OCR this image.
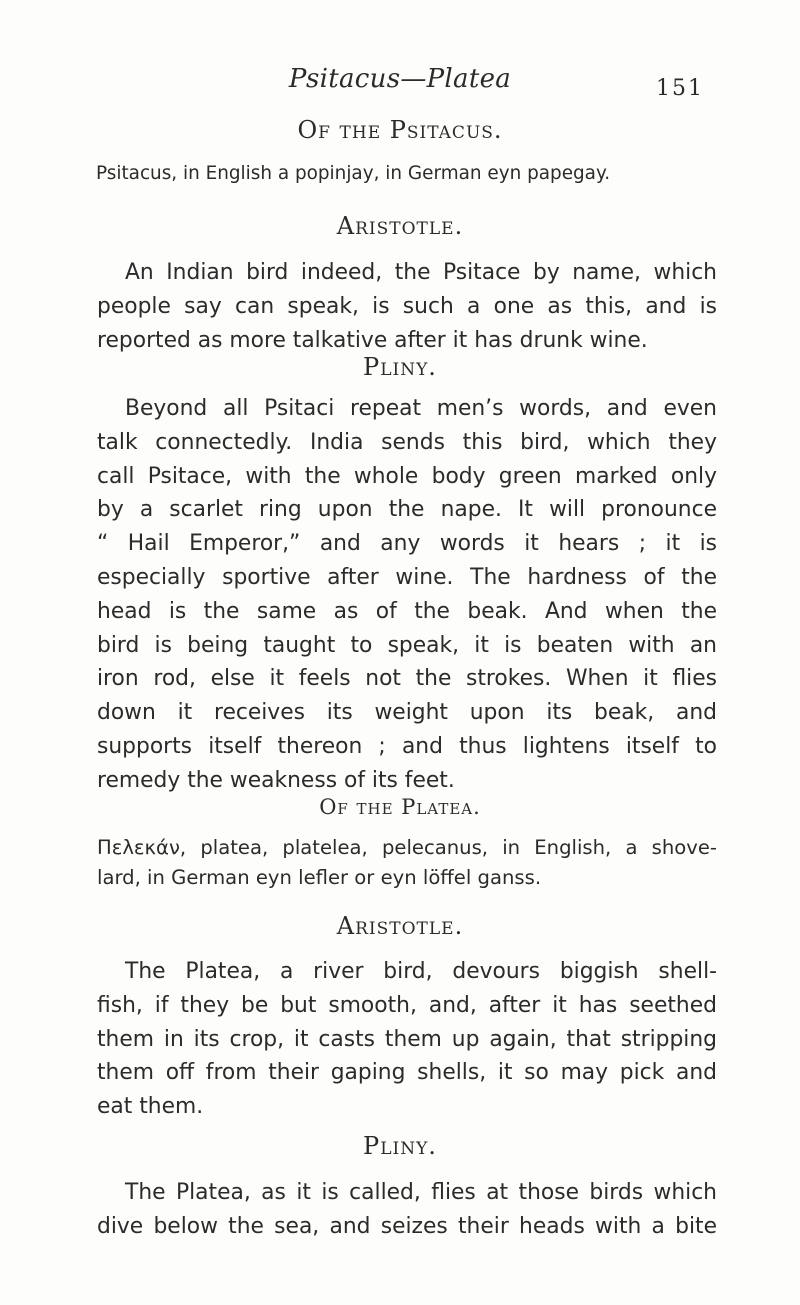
Psitacus—Platea	151
Of the Psitacus.
Psitacus, in English a popinjay, in German eyn papegay.
Aristotle.
An Indian bird indeed, the Psitace by name, which
people say can speak, is such a one as this, and is
reported as more talkative after it has drunk wine.
Pliny.
Beyond all Psitaci repeat men’s words, and even
talk connectedly. India sends this bird, which they
call Psitace, with the whole body green marked only
by a scarlet ring upon the nape. It will pronounce
“ Hail Emperor,” and any words it hears ; it is
especially sportive after wine. The hardness of the
head is the same as of the beak. And when the
bird is being taught to speak, it is beaten with an
iron rod, else it feels not the strokes. When it flies
down it receives its weight upon its beak, and
supports itself thereon ; and thus lightens itself to
remedy the weakness of its feet.
Of the Platea.
Πελεκάν, platea, platelea, pelecanus, in English, a shove-
lard, in German eyn lefler or eyn löffel ganss.
Aristotle.
The Platea, a river bird, devours biggish shell-
fish, if they be but smooth, and, after it has seethed
them in its crop, it casts them up again, that stripping
them off from their gaping shells, it so may pick and
eat them.
Pliny.
The Platea, as it is called, flies at those birds which
dive below the sea, and seizes their heads with a bite
